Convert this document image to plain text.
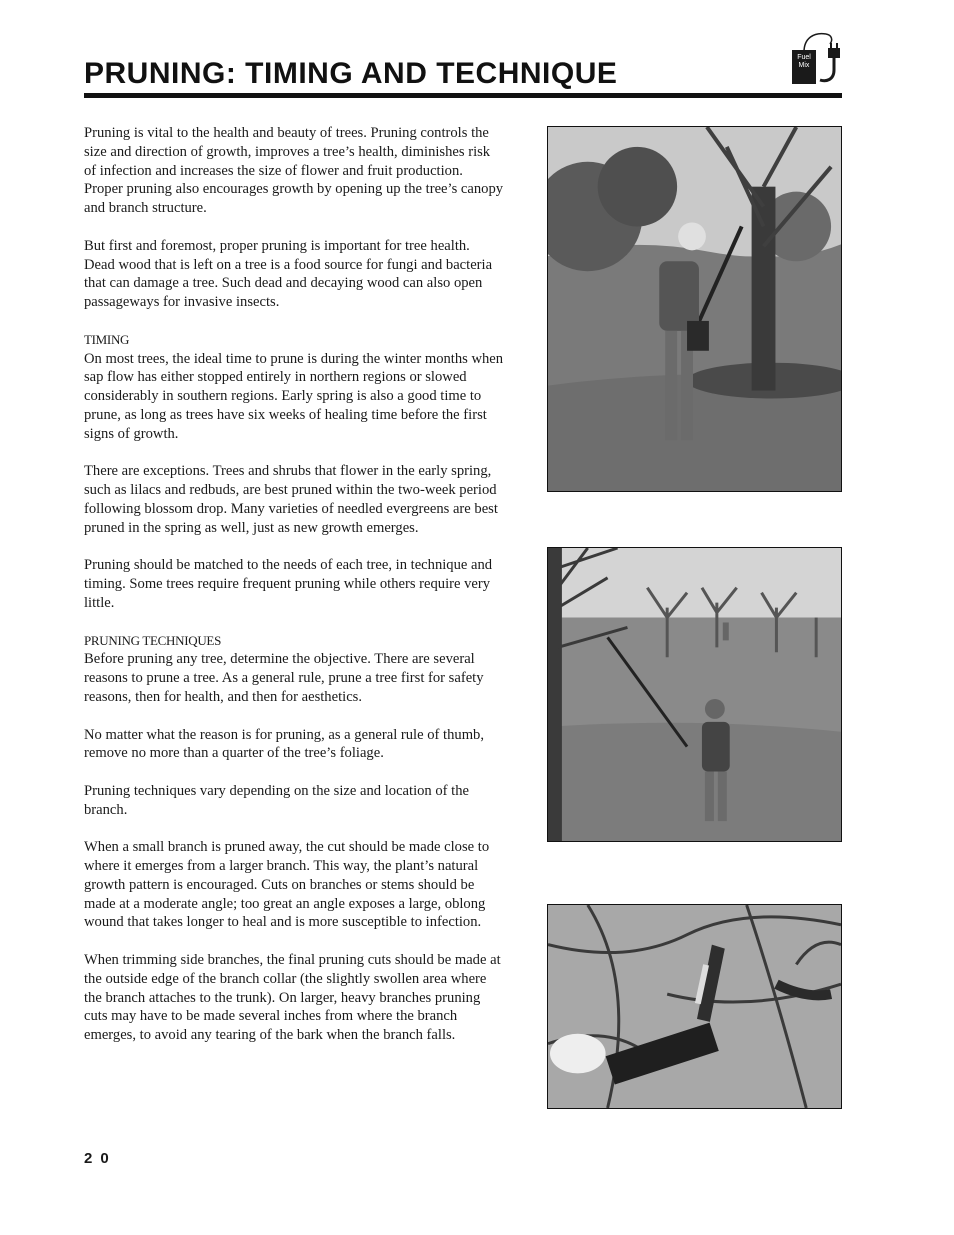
PRUNING: TIMING AND TECHNIQUE	Fuel
Mix

Pruning is vital to the health and beauty of trees. Pruning controls the size and direction of growth, improves a tree’s health, diminishes risk of infection and increases the size of flower and fruit production. Proper pruning also encourages growth by opening up the tree’s canopy and branch structure.

But first and foremost, proper pruning is important for tree health. Dead wood that is left on a tree is a food source for fungi and bacteria that can damage a tree. Such dead and decaying wood can also open passageways for invasive insects.

TIMING

On most trees, the ideal time to prune is during the winter months when sap flow has either stopped entirely in northern regions or slowed considerably in southern regions. Early spring is also a good time to prune, as long as trees have six weeks of healing time before the first signs of growth.

There are exceptions. Trees and shrubs that flower in the early spring, such as lilacs and redbuds, are best pruned within the two-week period following blossom drop. Many varieties of needled evergreens are best pruned in the spring as well, just as new growth emerges.

Pruning should be matched to the needs of each tree, in technique and timing. Some trees require frequent pruning while others require very little.

PRUNING TECHNIQUES

Before pruning any tree, determine the objective. There are several reasons to prune a tree. As a general rule, prune a tree first for safety reasons, then for health, and then for aesthetics.

No matter what the reason is for pruning, as a general rule of thumb, remove no more than a quarter of the tree’s foliage.

Pruning techniques vary depending on the size and location of the branch.

When a small branch is pruned away, the cut should be made close to where it emerges from a larger branch. This way, the plant’s natural growth pattern is encouraged. Cuts on branches or stems should be made at a moderate angle; too great an angle exposes a large, oblong wound that takes longer to heal and is more susceptible to infection.

When trimming side branches, the final pruning cuts should be made at the outside edge of the branch collar (the slightly swollen area where the branch attaches to the trunk). On larger, heavy branches pruning cuts may have to be made several inches from where the branch emerges, to avoid any tearing of the bark when the branch falls.

20
